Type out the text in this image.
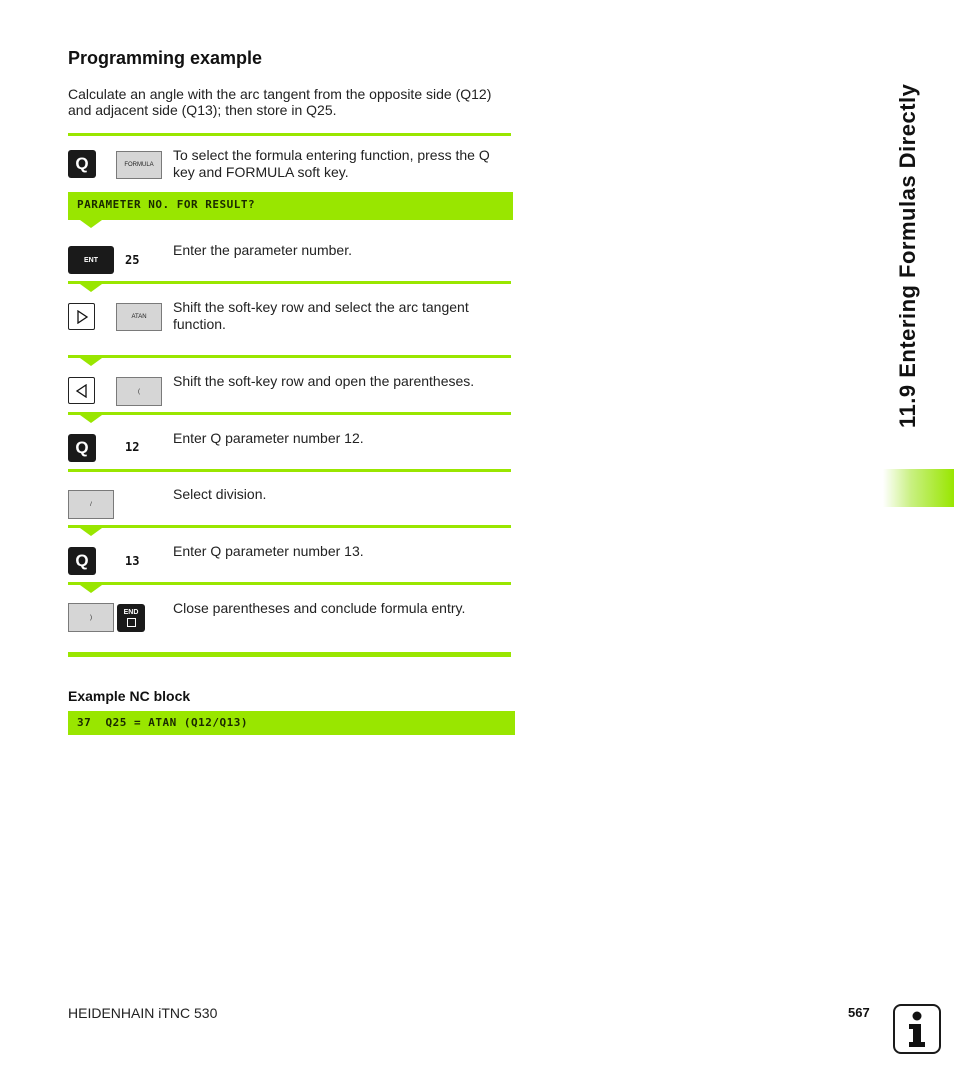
Programming example
Calculate an angle with the arc tangent from the opposite side (Q12) and adjacent side (Q13); then store in Q25.
Q	FORMULA
To select the formula entering function, press the Q key and FORMULA soft key.
PARAMETER NO. FOR RESULT?
ENT	25
Enter the parameter number.
ATAN
Shift the soft-key row and select the arc tangent function.
(
Shift the soft-key row and open the parentheses.
Q	12
Enter Q parameter number 12.
/
Select division.
Q	13
Enter Q parameter number 13.
)
END Close parentheses and conclude formula entry.
Example NC block
37  Q25 = ATAN (Q12/Q13)
11.9 Entering Formulas Directly
HEIDENHAIN iTNC 530	567
